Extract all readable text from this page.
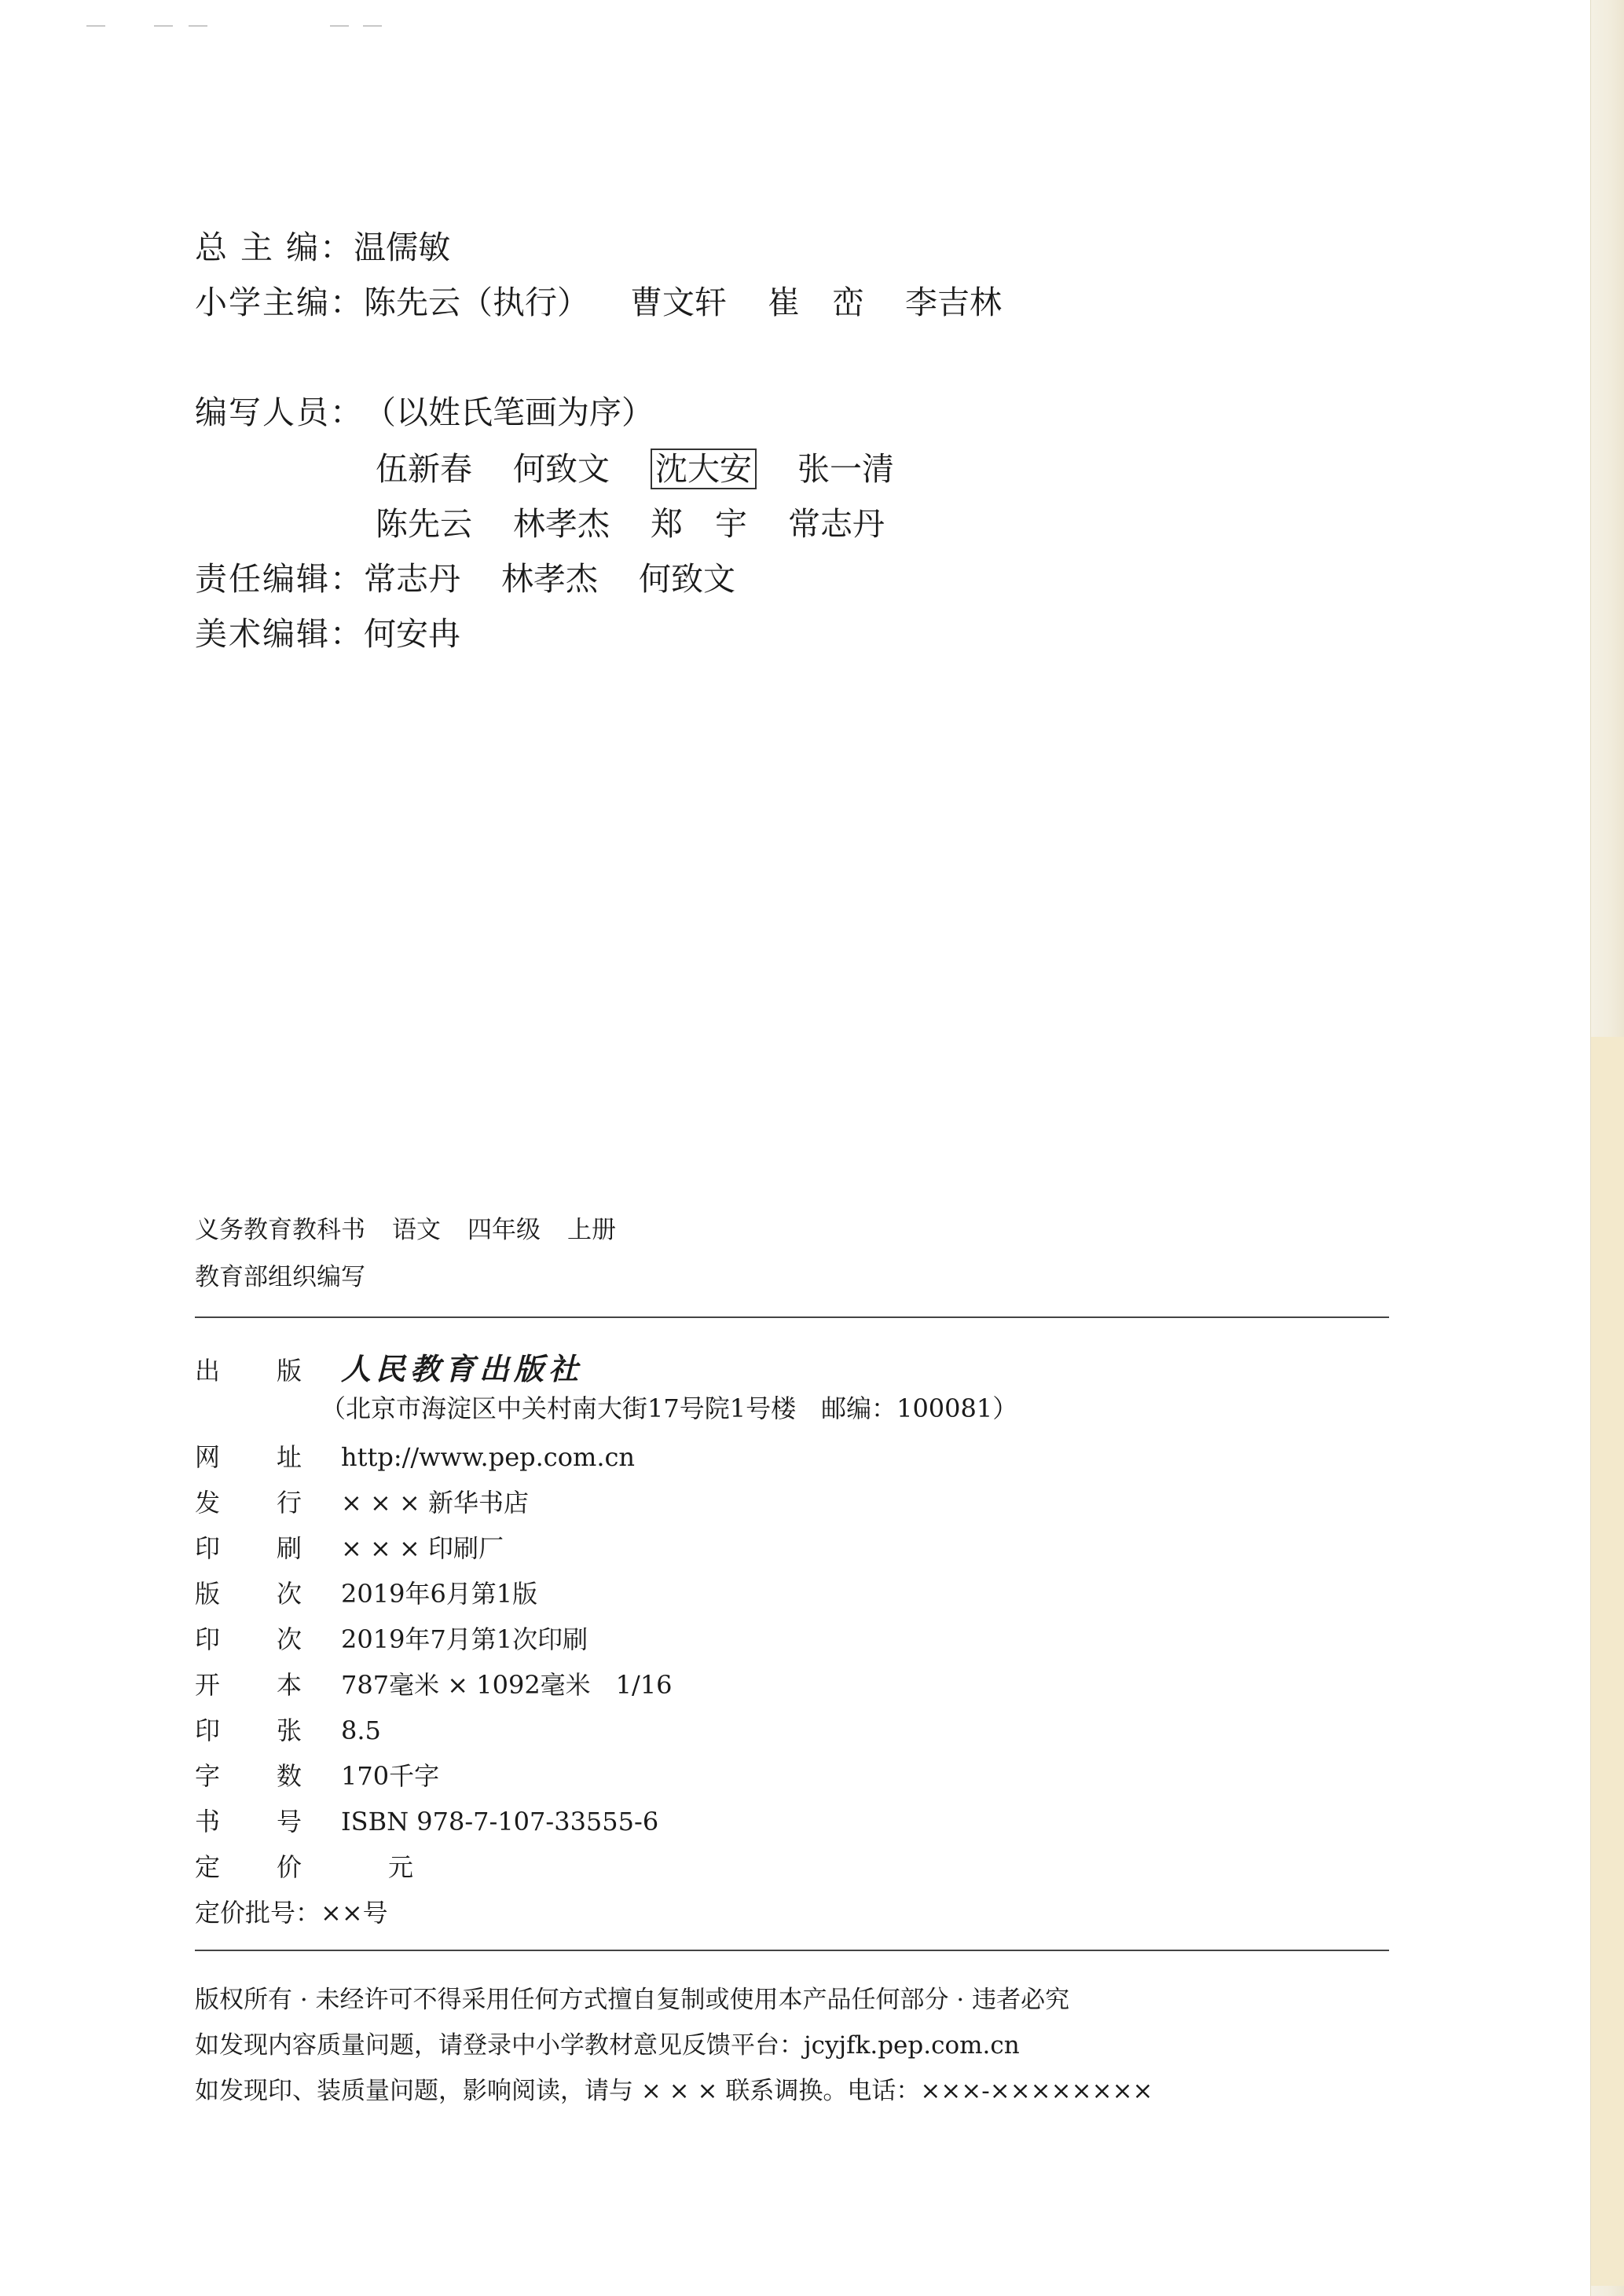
总 主 编：温儒敏
小学主编：陈先云（执行） 曹文轩 崔　峦 李吉林
编写人员：（以姓氏笔画为序）
伍新春 何致文 沈大安 张一清
陈先云 林孝杰 郑　宇 常志丹
责任编辑：常志丹 林孝杰 何致文
美术编辑：何安冉
义务教育教科书 语文 四年级 上册
教育部组织编写
出 版 人民教育出版社
（北京市海淀区中关村南大街17号院1号楼　邮编：100081）
网 址 http://www.pep.com.cn
发 行 × × × 新华书店
印 刷 × × × 印刷厂
版 次 2019年6月第1版
印 次 2019年7月第1次印刷
开 本 787毫米 × 1092毫米　1/16
印 张 8.5
字 数 170千字
书 号 ISBN 978-7-107-33555-6
定 价	元
定价批号：××号
版权所有 · 未经许可不得采用任何方式擅自复制或使用本产品任何部分 · 违者必究
如发现内容质量问题，请登录中小学教材意见反馈平台：jcyjfk.pep.com.cn
如发现印、装质量问题，影响阅读，请与 × × × 联系调换。电话：×××-××××××××
